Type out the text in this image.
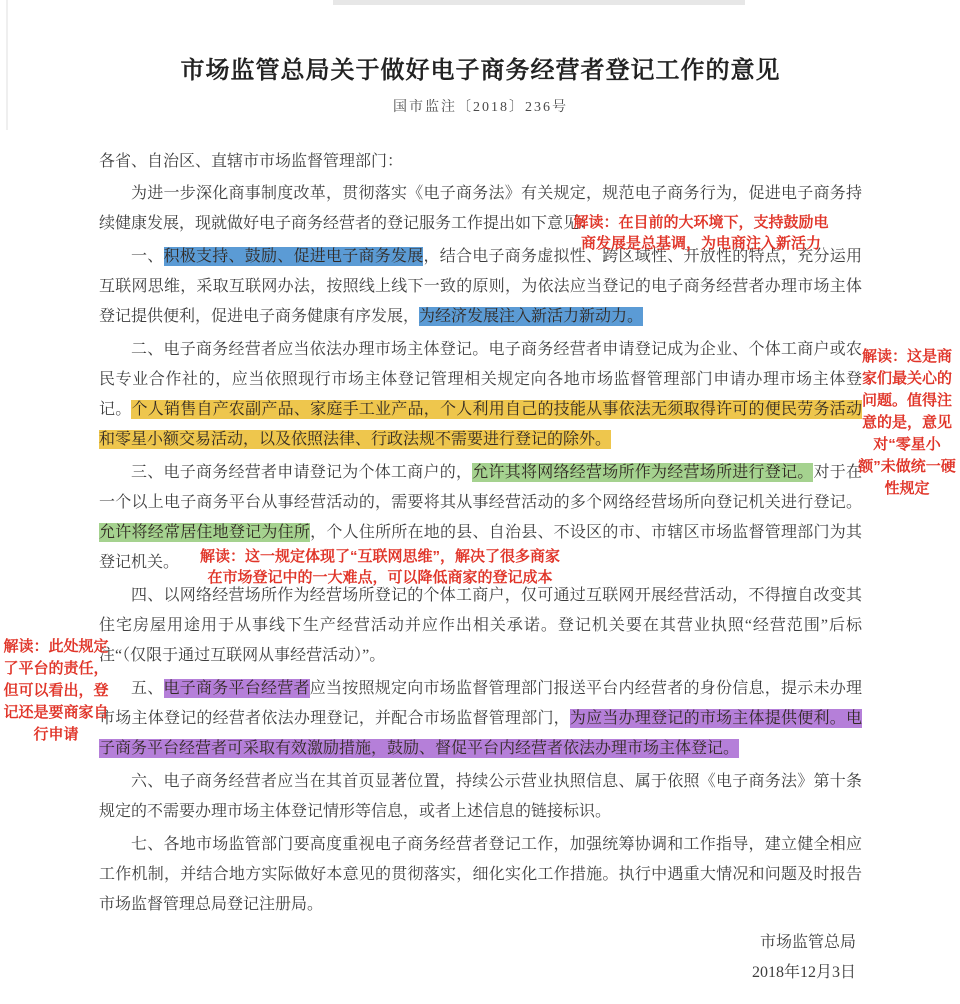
市场监管总局关于做好电子商务经营者登记工作的意见
国市监注〔2018〕236号

各省、自治区、直辖市市场监督管理部门：

为进一步深化商事制度改革，贯彻落实《电子商务法》有关规定，规范电子商务行为，促进电子商务持续健康发展，现就做好电子商务经营者的登记服务工作提出如下意见：

一、积极支持、鼓励、促进电子商务发展，结合电子商务虚拟性、跨区域性、开放性的特点，充分运用互联网思维，采取互联网办法，按照线上线下一致的原则，为依法应当登记的电子商务经营者办理市场主体登记提供便利，促进电子商务健康有序发展，为经济发展注入新活力新动力。

二、电子商务经营者应当依法办理市场主体登记。电子商务经营者申请登记成为企业、个体工商户或农民专业合作社的，应当依照现行市场主体登记管理相关规定向各地市场监督管理部门申请办理市场主体登记。个人销售自产农副产品、家庭手工业产品，个人利用自己的技能从事依法无须取得许可的便民劳务活动和零星小额交易活动，以及依照法律、行政法规不需要进行登记的除外。

三、电子商务经营者申请登记为个体工商户的，允许其将网络经营场所作为经营场所进行登记。对于在一个以上电子商务平台从事经营活动的，需要将其从事经营活动的多个网络经营场所向登记机关进行登记。允许将经常居住地登记为住所，个人住所所在地的县、自治县、不设区的市、市辖区市场监督管理部门为其登记机关。

四、以网络经营场所作为经营场所登记的个体工商户，仅可通过互联网开展经营活动，不得擅自改变其住宅房屋用途用于从事线下生产经营活动并应作出相关承诺。登记机关要在其营业执照“经营范围”后标注“（仅限于通过互联网从事经营活动）”。

五、电子商务平台经营者应当按照规定向市场监督管理部门报送平台内经营者的身份信息，提示未办理市场主体登记的经营者依法办理登记，并配合市场监督管理部门，为应当办理登记的市场主体提供便利。电子商务平台经营者可采取有效激励措施，鼓励、督促平台内经营者依法办理市场主体登记。

六、电子商务经营者应当在其首页显著位置，持续公示营业执照信息、属于依照《电子商务法》第十条规定的不需要办理市场主体登记情形等信息，或者上述信息的链接标识。

七、各地市场监管部门要高度重视电子商务经营者登记工作，加强统筹协调和工作指导，建立健全相应工作机制，并结合地方实际做好本意见的贯彻落实，细化实化工作措施。执行中遇重大情况和问题及时报告市场监督管理总局登记注册局。

市场监管总局
2018年12月3日
解读：在目前的大环境下，支持鼓励电商发展是总基调，为电商注入新活力
解读：这是商家们最关心的问题。值得注意的是，意见对“零星小额”未做统一硬性规定
解读：这一规定体现了“互联网思维”，解决了很多商家在市场登记中的一大难点，可以降低商家的登记成本
解读：此处规定了平台的责任，但可以看出，登记还是要商家自行申请
